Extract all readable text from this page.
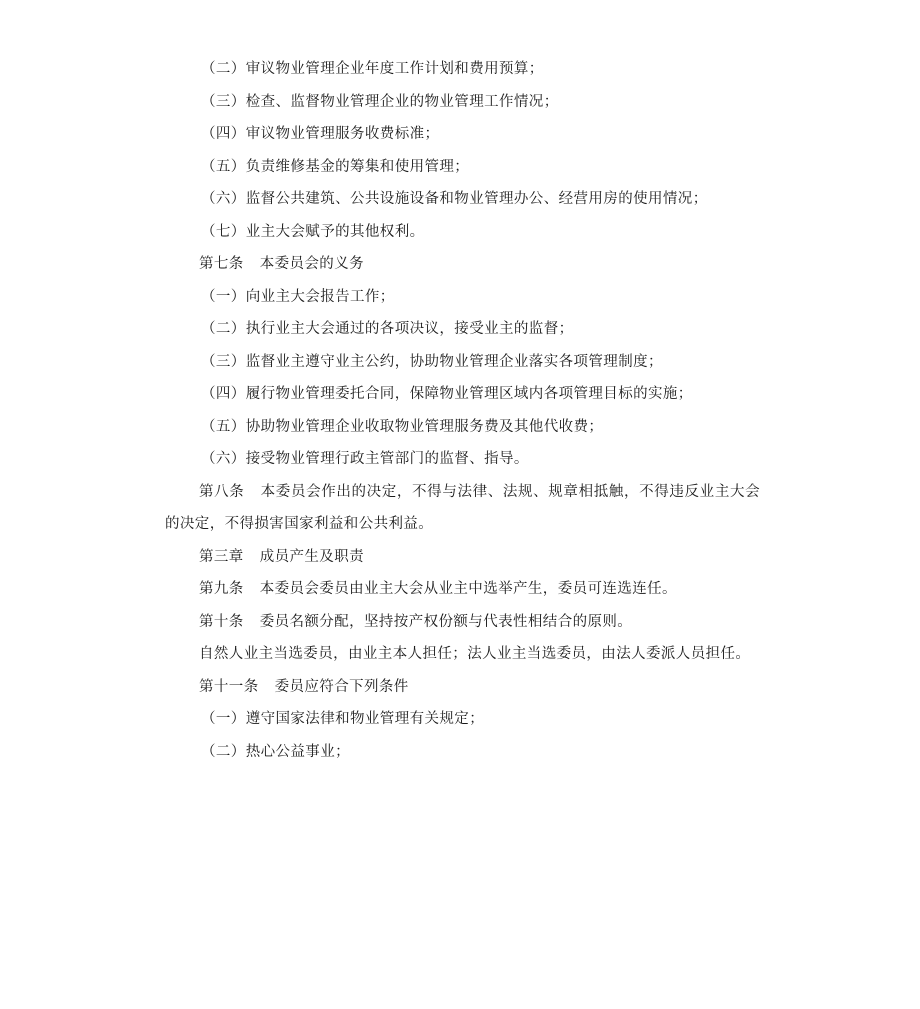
（二）审议物业管理企业年度工作计划和费用预算；
（三）检查、监督物业管理企业的物业管理工作情况；
（四）审议物业管理服务收费标准；
（五）负责维修基金的筹集和使用管理；
（六）监督公共建筑、公共设施设备和物业管理办公、经营用房的使用情况；
（七）业主大会赋予的其他权利。
第七条 本委员会的义务
（一）向业主大会报告工作；
（二）执行业主大会通过的各项决议，接受业主的监督；
（三）监督业主遵守业主公约，协助物业管理企业落实各项管理制度；
（四）履行物业管理委托合同，保障物业管理区域内各项管理目标的实施；
（五）协助物业管理企业收取物业管理服务费及其他代收费；
（六）接受物业管理行政主管部门的监督、指导。
第八条 本委员会作出的决定，不得与法律、法规、规章相抵触，不得违反业主大会的决定，不得损害国家利益和公共利益。
第三章 成员产生及职责
第九条 本委员会委员由业主大会从业主中选举产生，委员可连选连任。
第十条 委员名额分配，坚持按产权份额与代表性相结合的原则。
自然人业主当选委员，由业主本人担任；法人业主当选委员，由法人委派人员担任。
第十一条 委员应符合下列条件
（一）遵守国家法律和物业管理有关规定；
（二）热心公益事业；
